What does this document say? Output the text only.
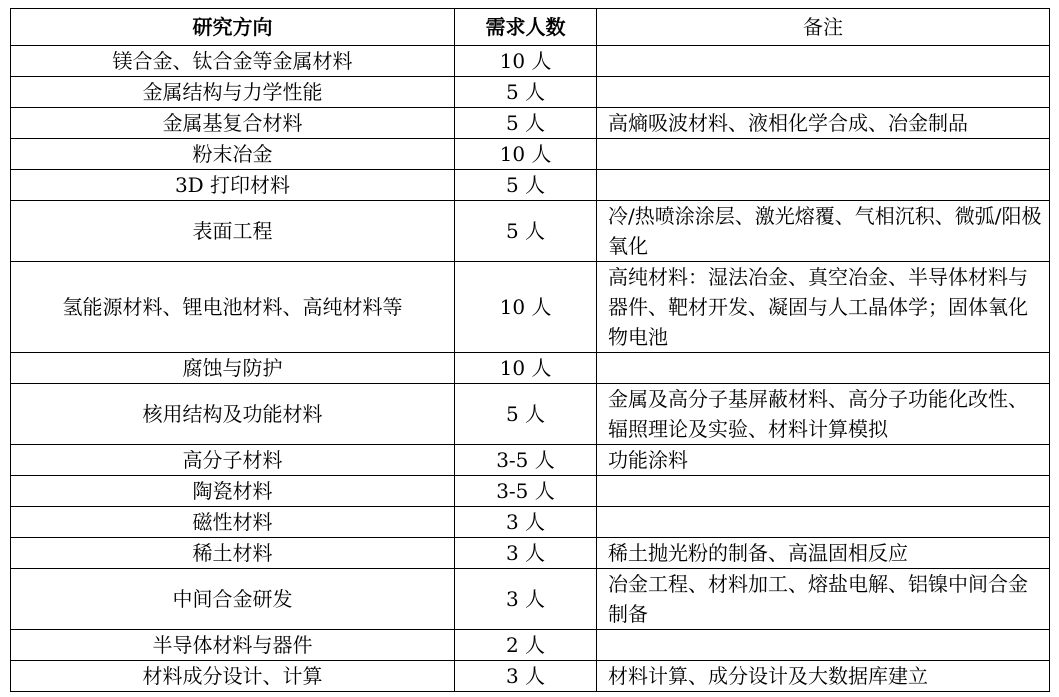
研究方向	需求人数	备注
镁合金、钛合金等金属材料	10 人	
金属结构与力学性能	5 人	
金属基复合材料	5 人	高熵吸波材料、液相化学合成、冶金制品
粉末冶金	10 人	
3D 打印材料	5 人	
表面工程	5 人	冷/热喷涂涂层、激光熔覆、气相沉积、微弧/阳极氧化
氢能源材料、锂电池材料、高纯材料等	10 人	高纯材料：湿法冶金、真空冶金、半导体材料与器件、靶材开发、凝固与人工晶体学；固体氧化物电池
腐蚀与防护	10 人	
核用结构及功能材料	5 人	金属及高分子基屏蔽材料、高分子功能化改性、辐照理论及实验、材料计算模拟
高分子材料	3-5 人	功能涂料
陶瓷材料	3-5 人	
磁性材料	3 人	
稀土材料	3 人	稀土抛光粉的制备、高温固相反应
中间合金研发	3 人	冶金工程、材料加工、熔盐电解、铝镍中间合金制备
半导体材料与器件	2 人	
材料成分设计、计算	3 人	材料计算、成分设计及大数据库建立
